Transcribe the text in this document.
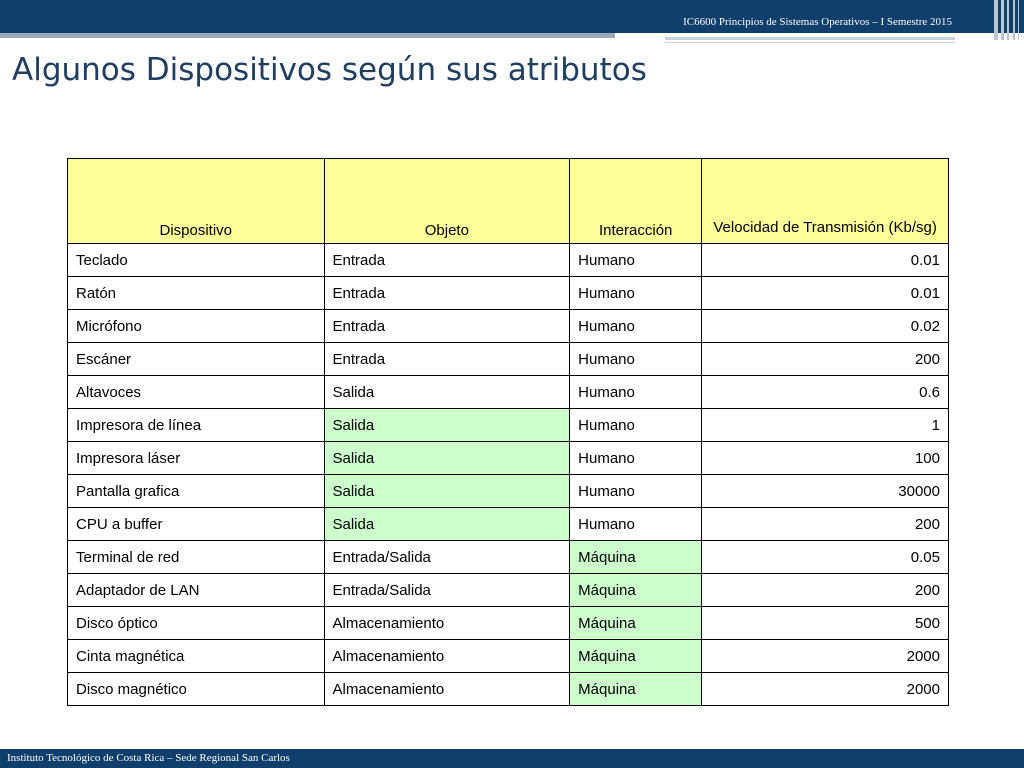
IC6600 Principios de Sistemas Operativos – I Semestre 2015
Algunos Dispositivos según sus atributos
Dispositivo	Objeto	Interacción	Velocidad de Transmisión (Kb/sg)
Teclado	Entrada	Humano	0.01
Ratón	Entrada	Humano	0.01
Micrófono	Entrada	Humano	0.02
Escáner	Entrada	Humano	200
Altavoces	Salida	Humano	0.6
Impresora de línea	Salida	Humano	1
Impresora láser	Salida	Humano	100
Pantalla grafica	Salida	Humano	30000
CPU a buffer	Salida	Humano	200
Terminal de red	Entrada/Salida	Máquina	0.05
Adaptador de LAN	Entrada/Salida	Máquina	200
Disco óptico	Almacenamiento	Máquina	500
Cinta magnética	Almacenamiento	Máquina	2000
Disco magnético	Almacenamiento	Máquina	2000
Instituto Tecnológico de Costa Rica – Sede Regional San Carlos
